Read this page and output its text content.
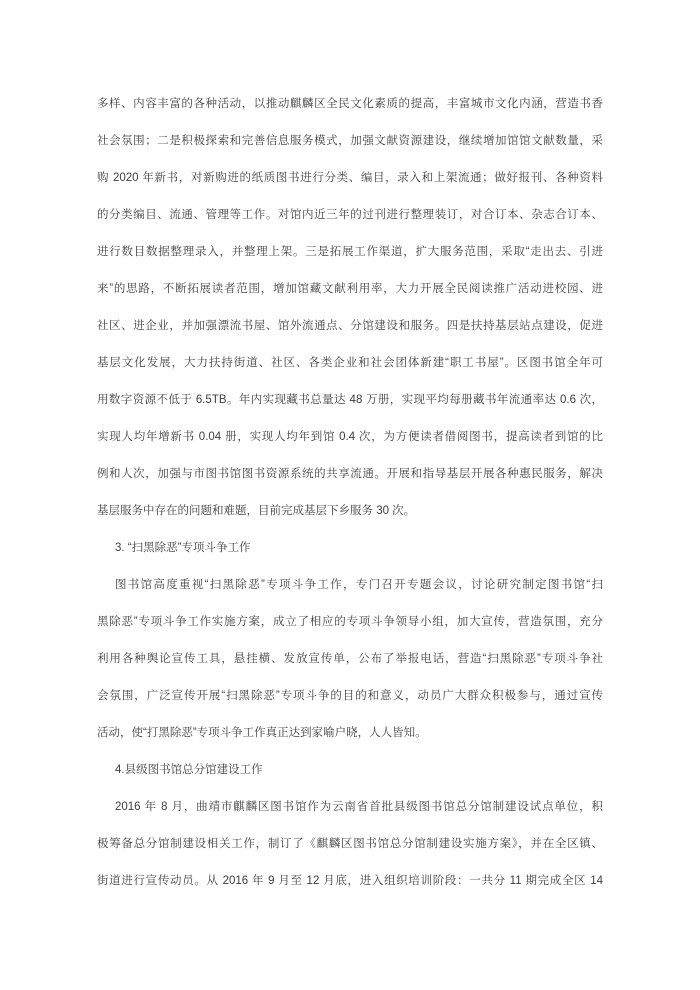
多样、内容丰富的各种活动，以推动麒麟区全民文化素质的提高，丰富城市文化内涵，营造书香
社会氛围；二是积极探索和完善信息服务模式，加强文献资源建设，继续增加馆馆文献数量，采
购 2020 年新书，对新购进的纸质图书进行分类、编目，录入和上架流通；做好报刊、各种资料
的分类编目、流通、管理等工作。对馆内近三年的过刊进行整理装订，对合订本、杂志合订本、
进行数目数据整理录入，并整理上架。三是拓展工作渠道，扩大服务范围，采取“走出去、引进
来”的思路，不断拓展读者范围，增加馆藏文献利用率，大力开展全民阅读推广活动进校园、进
社区、进企业，并加强漂流书屋、馆外流通点、分馆建设和服务。四是扶持基层站点建设，促进
基层文化发展，大力扶持街道、社区、各类企业和社会团体新建“职工书屋”。区图书馆全年可
用数字资源不低于 6.5TB。年内实现藏书总量达 48 万册，实现平均每册藏书年流通率达 0.6 次，
实现人均年增新书 0.04 册，实现人均年到馆 0.4 次，为方便读者借阅图书，提高读者到馆的比
例和人次，加强与市图书馆图书资源系统的共享流通。开展和指导基层开展各种惠民服务，解决
基层服务中存在的问题和难题，目前完成基层下乡服务 30 次。
3. “扫黑除恶”专项斗争工作
图书馆高度重视“扫黑除恶”专项斗争工作，专门召开专题会议，讨论研究制定图书馆“扫
黑除恶”专项斗争工作实施方案，成立了相应的专项斗争领导小组，加大宣传，营造氛围，充分
利用各种舆论宣传工具，悬挂横、发放宣传单，公布了举报电话，营造“扫黑除恶”专项斗争社
会氛围，广泛宣传开展“扫黑除恶”专项斗争的目的和意义，动员广大群众积极参与，通过宣传
活动，使“打黑除恶”专项斗争工作真正达到家喻户晓，人人皆知。
4.县级图书馆总分馆建设工作
2016 年 8 月，曲靖市麒麟区图书馆作为云南省首批县级图书馆总分馆制建设试点单位，积
极筹备总分馆制建设相关工作，制订了《麒麟区图书馆总分馆制建设实施方案》，并在全区镇、
街道进行宣传动员。从 2016 年 9 月至 12 月底，进入组织培训阶段：一共分 11 期完成全区 14
